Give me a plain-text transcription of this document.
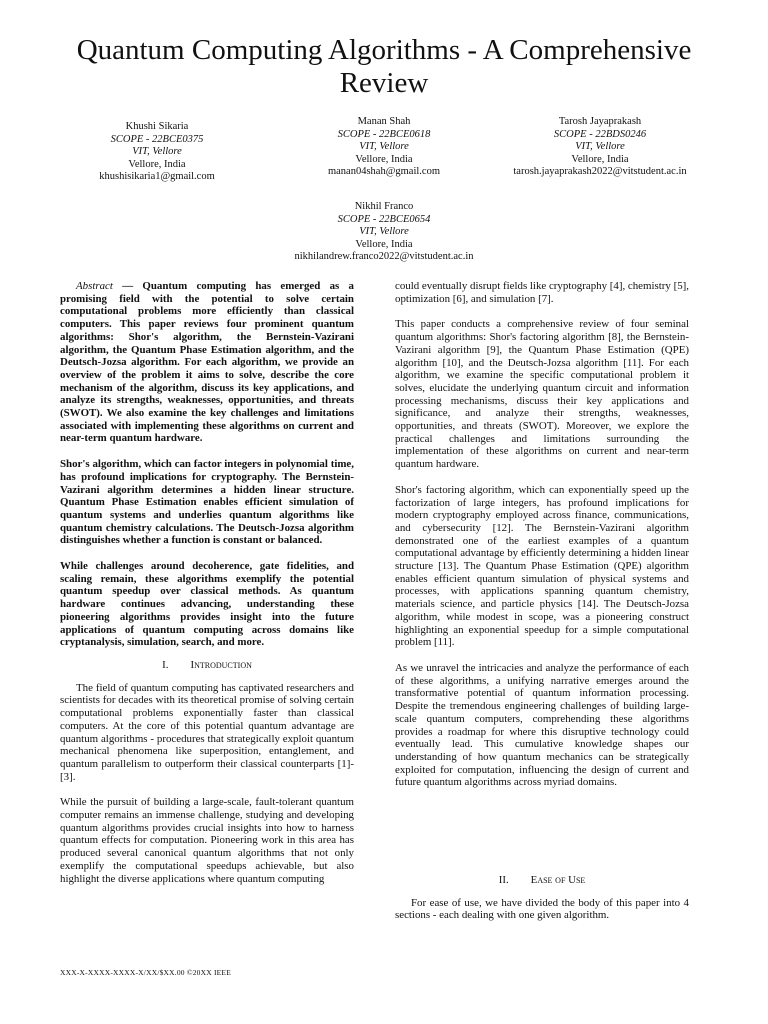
Quantum Computing Algorithms - A Comprehensive Review
Khushi Sikaria
SCOPE - 22BCE0375
VIT, Vellore
Vellore, India
khushisikaria1@gmail.com
Manan Shah
SCOPE - 22BCE0618
VIT, Vellore
Vellore, India
manan04shah@gmail.com
Tarosh Jayaprakash
SCOPE - 22BDS0246
VIT, Vellore
Vellore, India
tarosh.jayaprakash2022@vitstudent.ac.in
Nikhil Franco
SCOPE - 22BCE0654
VIT, Vellore
Vellore, India
nikhilandrew.franco2022@vitstudent.ac.in

Abstract — Quantum computing has emerged as a promising field with the potential to solve certain computational problems more efficiently than classical computers. This paper reviews four prominent quantum algorithms: Shor's algorithm, the Bernstein-Vazirani algorithm, the Quantum Phase Estimation algorithm, and the Deutsch-Jozsa algorithm. For each algorithm, we provide an overview of the problem it aims to solve, describe the core mechanism of the algorithm, discuss its key applications, and analyze its strengths, weaknesses, opportunities, and threats (SWOT). We also examine the key challenges and limitations associated with implementing these algorithms on current and near-term quantum hardware.

Shor's algorithm, which can factor integers in polynomial time, has profound implications for cryptography. The Bernstein-Vazirani algorithm determines a hidden linear structure. Quantum Phase Estimation enables efficient simulation of quantum systems and underlies quantum algorithms like quantum chemistry calculations. The Deutsch-Jozsa algorithm distinguishes whether a function is constant or balanced.

While challenges around decoherence, gate fidelities, and scaling remain, these algorithms exemplify the potential quantum speedup over classical methods. As quantum hardware continues advancing, understanding these pioneering algorithms provides insight into the future applications of quantum computing across domains like cryptanalysis, simulation, search, and more.

I. Introduction

The field of quantum computing has captivated researchers and scientists for decades with its theoretical promise of solving certain computational problems exponentially faster than classical computers. At the core of this potential quantum advantage are quantum algorithms - procedures that strategically exploit quantum mechanical phenomena like superposition, entanglement, and quantum parallelism to outperform their classical counterparts [1]-[3].

While the pursuit of building a large-scale, fault-tolerant quantum computer remains an immense challenge, studying and developing quantum algorithms provides crucial insights into how to harness quantum effects for computation. Pioneering work in this area has produced several canonical quantum algorithms that not only exemplify the computational speedups achievable, but also highlight the diverse applications where quantum computing

could eventually disrupt fields like cryptography [4], chemistry [5], optimization [6], and simulation [7].

This paper conducts a comprehensive review of four seminal quantum algorithms: Shor's factoring algorithm [8], the Bernstein-Vazirani algorithm [9], the Quantum Phase Estimation (QPE) algorithm [10], and the Deutsch-Jozsa algorithm [11]. For each algorithm, we examine the specific computational problem it solves, elucidate the underlying quantum circuit and information processing mechanisms, discuss their key applications and significance, and analyze their strengths, weaknesses, opportunities, and threats (SWOT). Moreover, we explore the practical challenges and limitations surrounding the implementation of these algorithms on current and near-term quantum hardware.

Shor's factoring algorithm, which can exponentially speed up the factorization of large integers, has profound implications for modern cryptography employed across finance, communications, and cybersecurity [12]. The Bernstein-Vazirani algorithm demonstrated one of the earliest examples of a quantum computational advantage by efficiently determining a hidden linear structure [13]. The Quantum Phase Estimation (QPE) algorithm enables efficient quantum simulation of physical systems and processes, with applications spanning quantum chemistry, materials science, and particle physics [14]. The Deutsch-Jozsa algorithm, while modest in scope, was a pioneering construct highlighting an exponential speedup for a simple computational problem [11].

As we unravel the intricacies and analyze the performance of each of these algorithms, a unifying narrative emerges around the transformative potential of quantum information processing. Despite the tremendous engineering challenges of building large-scale quantum computers, comprehending these algorithms provides a roadmap for where this disruptive technology could eventually lead. This cumulative knowledge shapes our understanding of how quantum mechanics can be strategically exploited for computation, influencing the design of current and future quantum algorithms across myriad domains.

II. Ease of Use

For ease of use, we have divided the body of this paper into 4 sections - each dealing with one given algorithm.

XXX-X-XXXX-XXXX-X/XX/$XX.00 ©20XX IEEE
